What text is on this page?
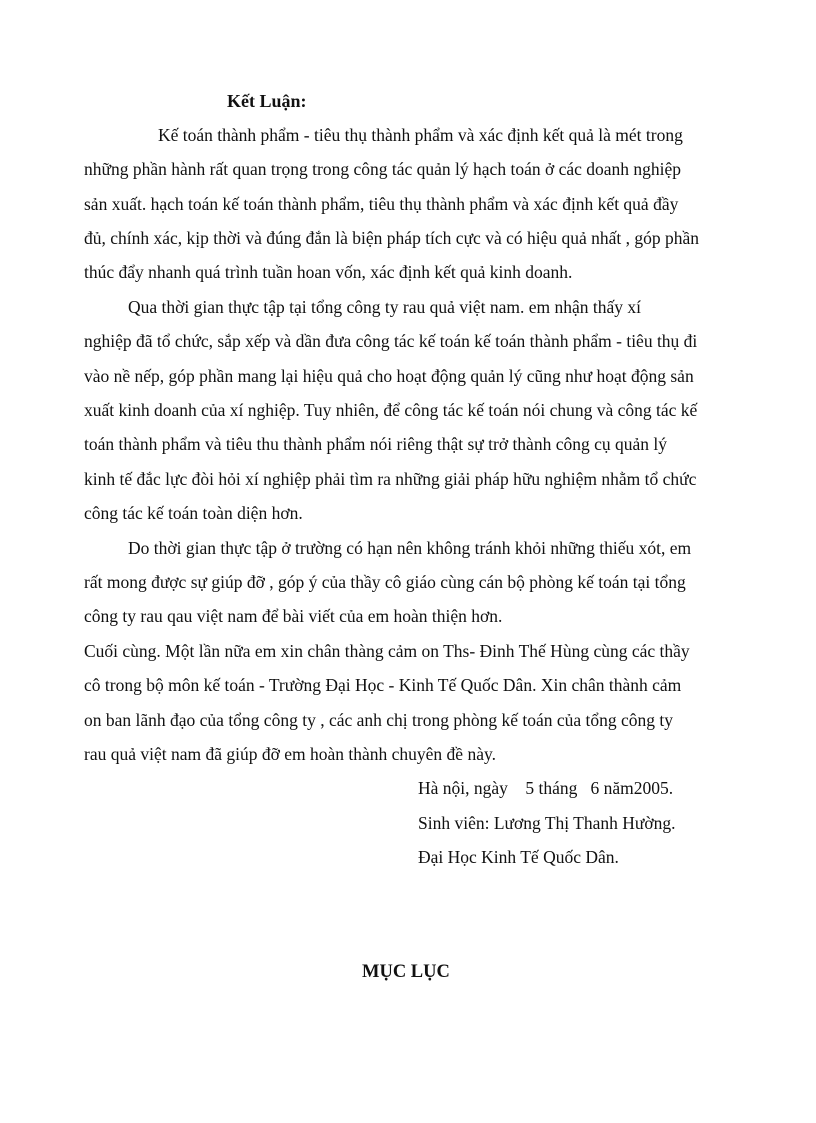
Kết Luận:
Kế toán thành phẩm - tiêu thụ thành phẩm và xác định kết quả là mét trong
những phần hành rất quan trọng trong công tác quản lý hạch toán ở các doanh nghiệp
sản xuất. hạch toán kế toán thành phẩm, tiêu thụ thành phẩm và xác định kết quả đầy
đủ, chính xác, kịp thời và đúng đắn là biện pháp tích cực và có hiệu quả nhất , góp phần
thúc đẩy nhanh quá trình tuần hoan vốn, xác định kết quả kinh doanh.
Qua thời gian thực tập tại tổng công ty rau quả việt nam. em nhận thấy xí
nghiệp đã tổ chức, sắp xếp và dần đưa công tác kế toán kế toán thành phẩm - tiêu thụ đi
vào nề nếp, góp phần mang lại hiệu quả cho hoạt động quản lý cũng như hoạt động sản
xuất kinh doanh của xí nghiệp. Tuy nhiên, để công tác kế toán nói chung và công tác kế
toán thành phẩm và tiêu thu thành phẩm nói riêng thật sự trở thành công cụ quản lý
kinh tế đắc lực đòi hỏi xí nghiệp phải tìm ra những giải pháp hữu nghiệm nhằm tổ chức
công tác kế toán toàn diện hơn.
Do thời gian thực tập ở trường có hạn nên không tránh khỏi những thiếu xót, em
rất mong được sự giúp đỡ , góp ý của thầy cô giáo cùng cán bộ phòng kế toán tại tổng
công ty rau qau việt nam để bài viết của em hoàn thiện hơn.
Cuối cùng. Một lần nữa em xin chân thàng cảm on Ths- Đinh Thế Hùng cùng các thầy
cô trong bộ môn kế toán - Trường Đại Học - Kinh Tế Quốc Dân. Xin chân thành cảm
on ban lãnh đạo của tổng công ty , các anh chị trong phòng kế toán của tổng công ty
rau quả việt nam đã giúp đỡ em hoàn thành chuyên đề này.
Hà nội, ngày    5 tháng   6 năm2005.
Sinh viên: Lương Thị Thanh Hường.
Đại Học Kinh Tế Quốc Dân.
MỤC LỤC
